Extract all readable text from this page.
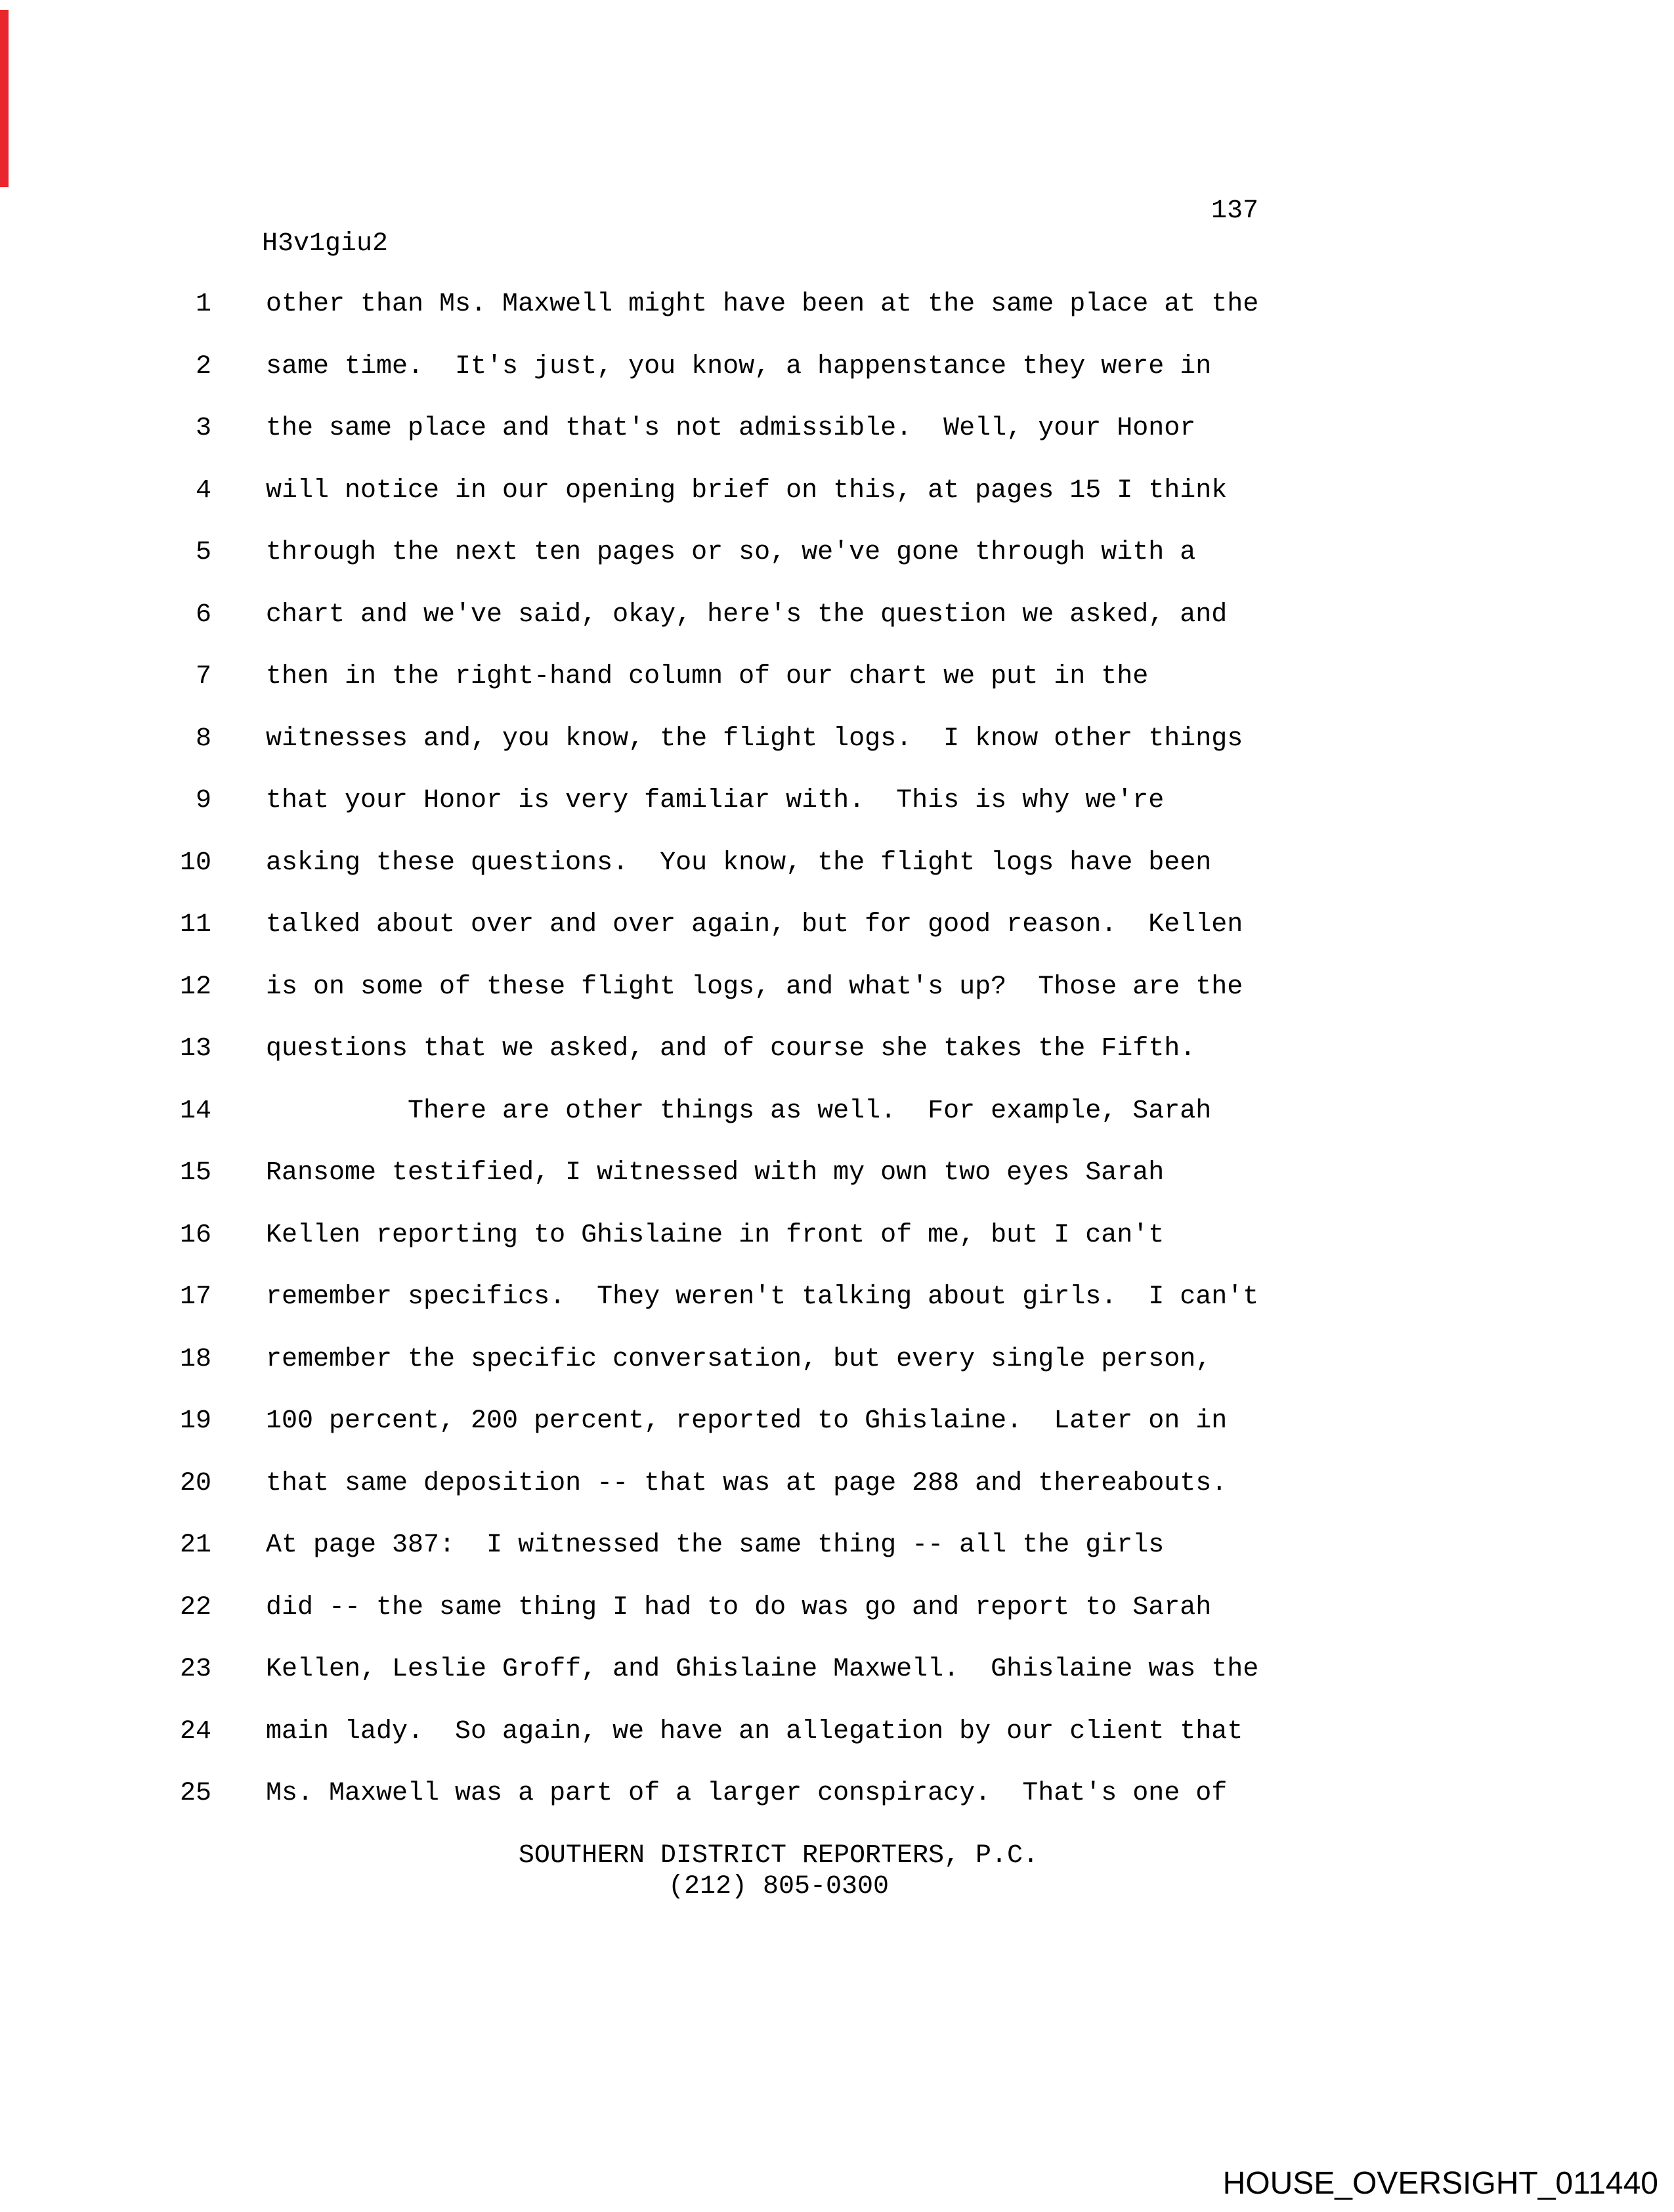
137
H3v1giu2

1

other than Ms. Maxwell might have been at the same place at the

2

same time.  It's just, you know, a happenstance they were in

3

the same place and that's not admissible.  Well, your Honor

4

will notice in our opening brief on this, at pages 15 I think

5

through the next ten pages or so, we've gone through with a

6

chart and we've said, okay, here's the question we asked, and

7

then in the right-hand column of our chart we put in the

8

witnesses and, you know, the flight logs.  I know other things

9

that your Honor is very familiar with.  This is why we're

10

asking these questions.  You know, the flight logs have been

11

talked about over and over again, but for good reason.  Kellen

12

is on some of these flight logs, and what's up?  Those are the

13

questions that we asked, and of course she takes the Fifth.

14

There are other things as well.  For example, Sarah

15

Ransome testified, I witnessed with my own two eyes Sarah

16

Kellen reporting to Ghislaine in front of me, but I can't

17

remember specifics.  They weren't talking about girls.  I can't

18

remember the specific conversation, but every single person,

19

100 percent, 200 percent, reported to Ghislaine.  Later on in

20

that same deposition -- that was at page 288 and thereabouts.

21

At page 387:  I witnessed the same thing -- all the girls

22

did -- the same thing I had to do was go and report to Sarah

23

Kellen, Leslie Groff, and Ghislaine Maxwell.  Ghislaine was the

24

main lady.  So again, we have an allegation by our client that

25

Ms. Maxwell was a part of a larger conspiracy.  That's one of

SOUTHERN DISTRICT REPORTERS, P.C.
(212) 805-0300
HOUSE_OVERSIGHT_011440
